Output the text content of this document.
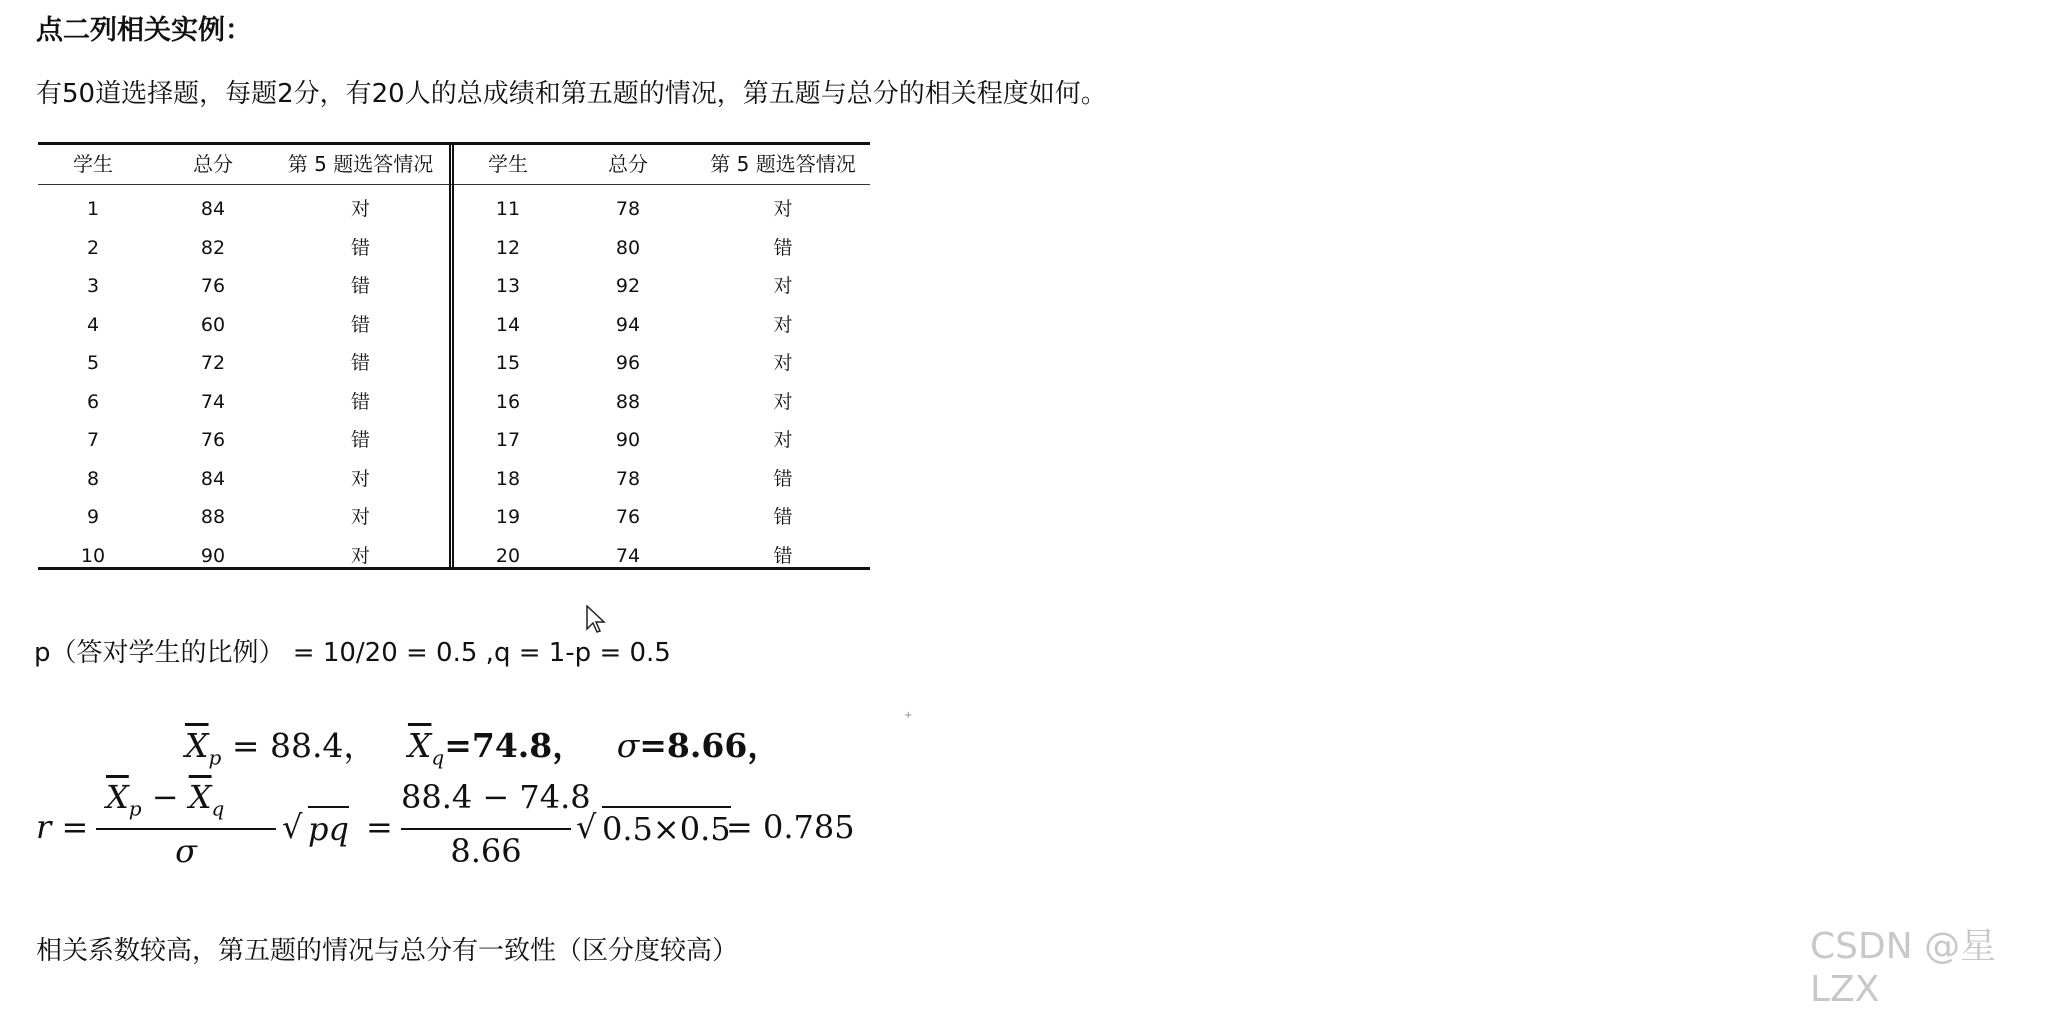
点二列相关实例：
有50道选择题，每题2分，有20人的总成绩和第五题的情况，第五题与总分的相关程度如何。
学生	总分	第 5 题选答情况	学生	总分	第 5 题选答情况
1	84	对	11	78	对
2	82	错	12	80	错
3	76	错	13	92	对
4	60	错	14	94	对
5	72	错	15	96	对
6	74	错	16	88	对
7	76	错	17	90	对
8	84	对	18	78	错
9	88	对	19	76	错
10	90	对	20	74	错
+
p（答对学生的比例） = 10/20 = 0.5 ,q = 1-p = 0.5
$\overline{X}_p = 88.4$， $\overline{X}_q=74.8$， σ=8.66，
r =
$\overline{X}_p - \overline{X}_q$
σ
√ pq =
88.4 − 74.8
8.66
√ 0.5×0.5
= 0.785
相关系数较高，第五题的情况与总分有一致性（区分度较高）	CSDN @星LZX
